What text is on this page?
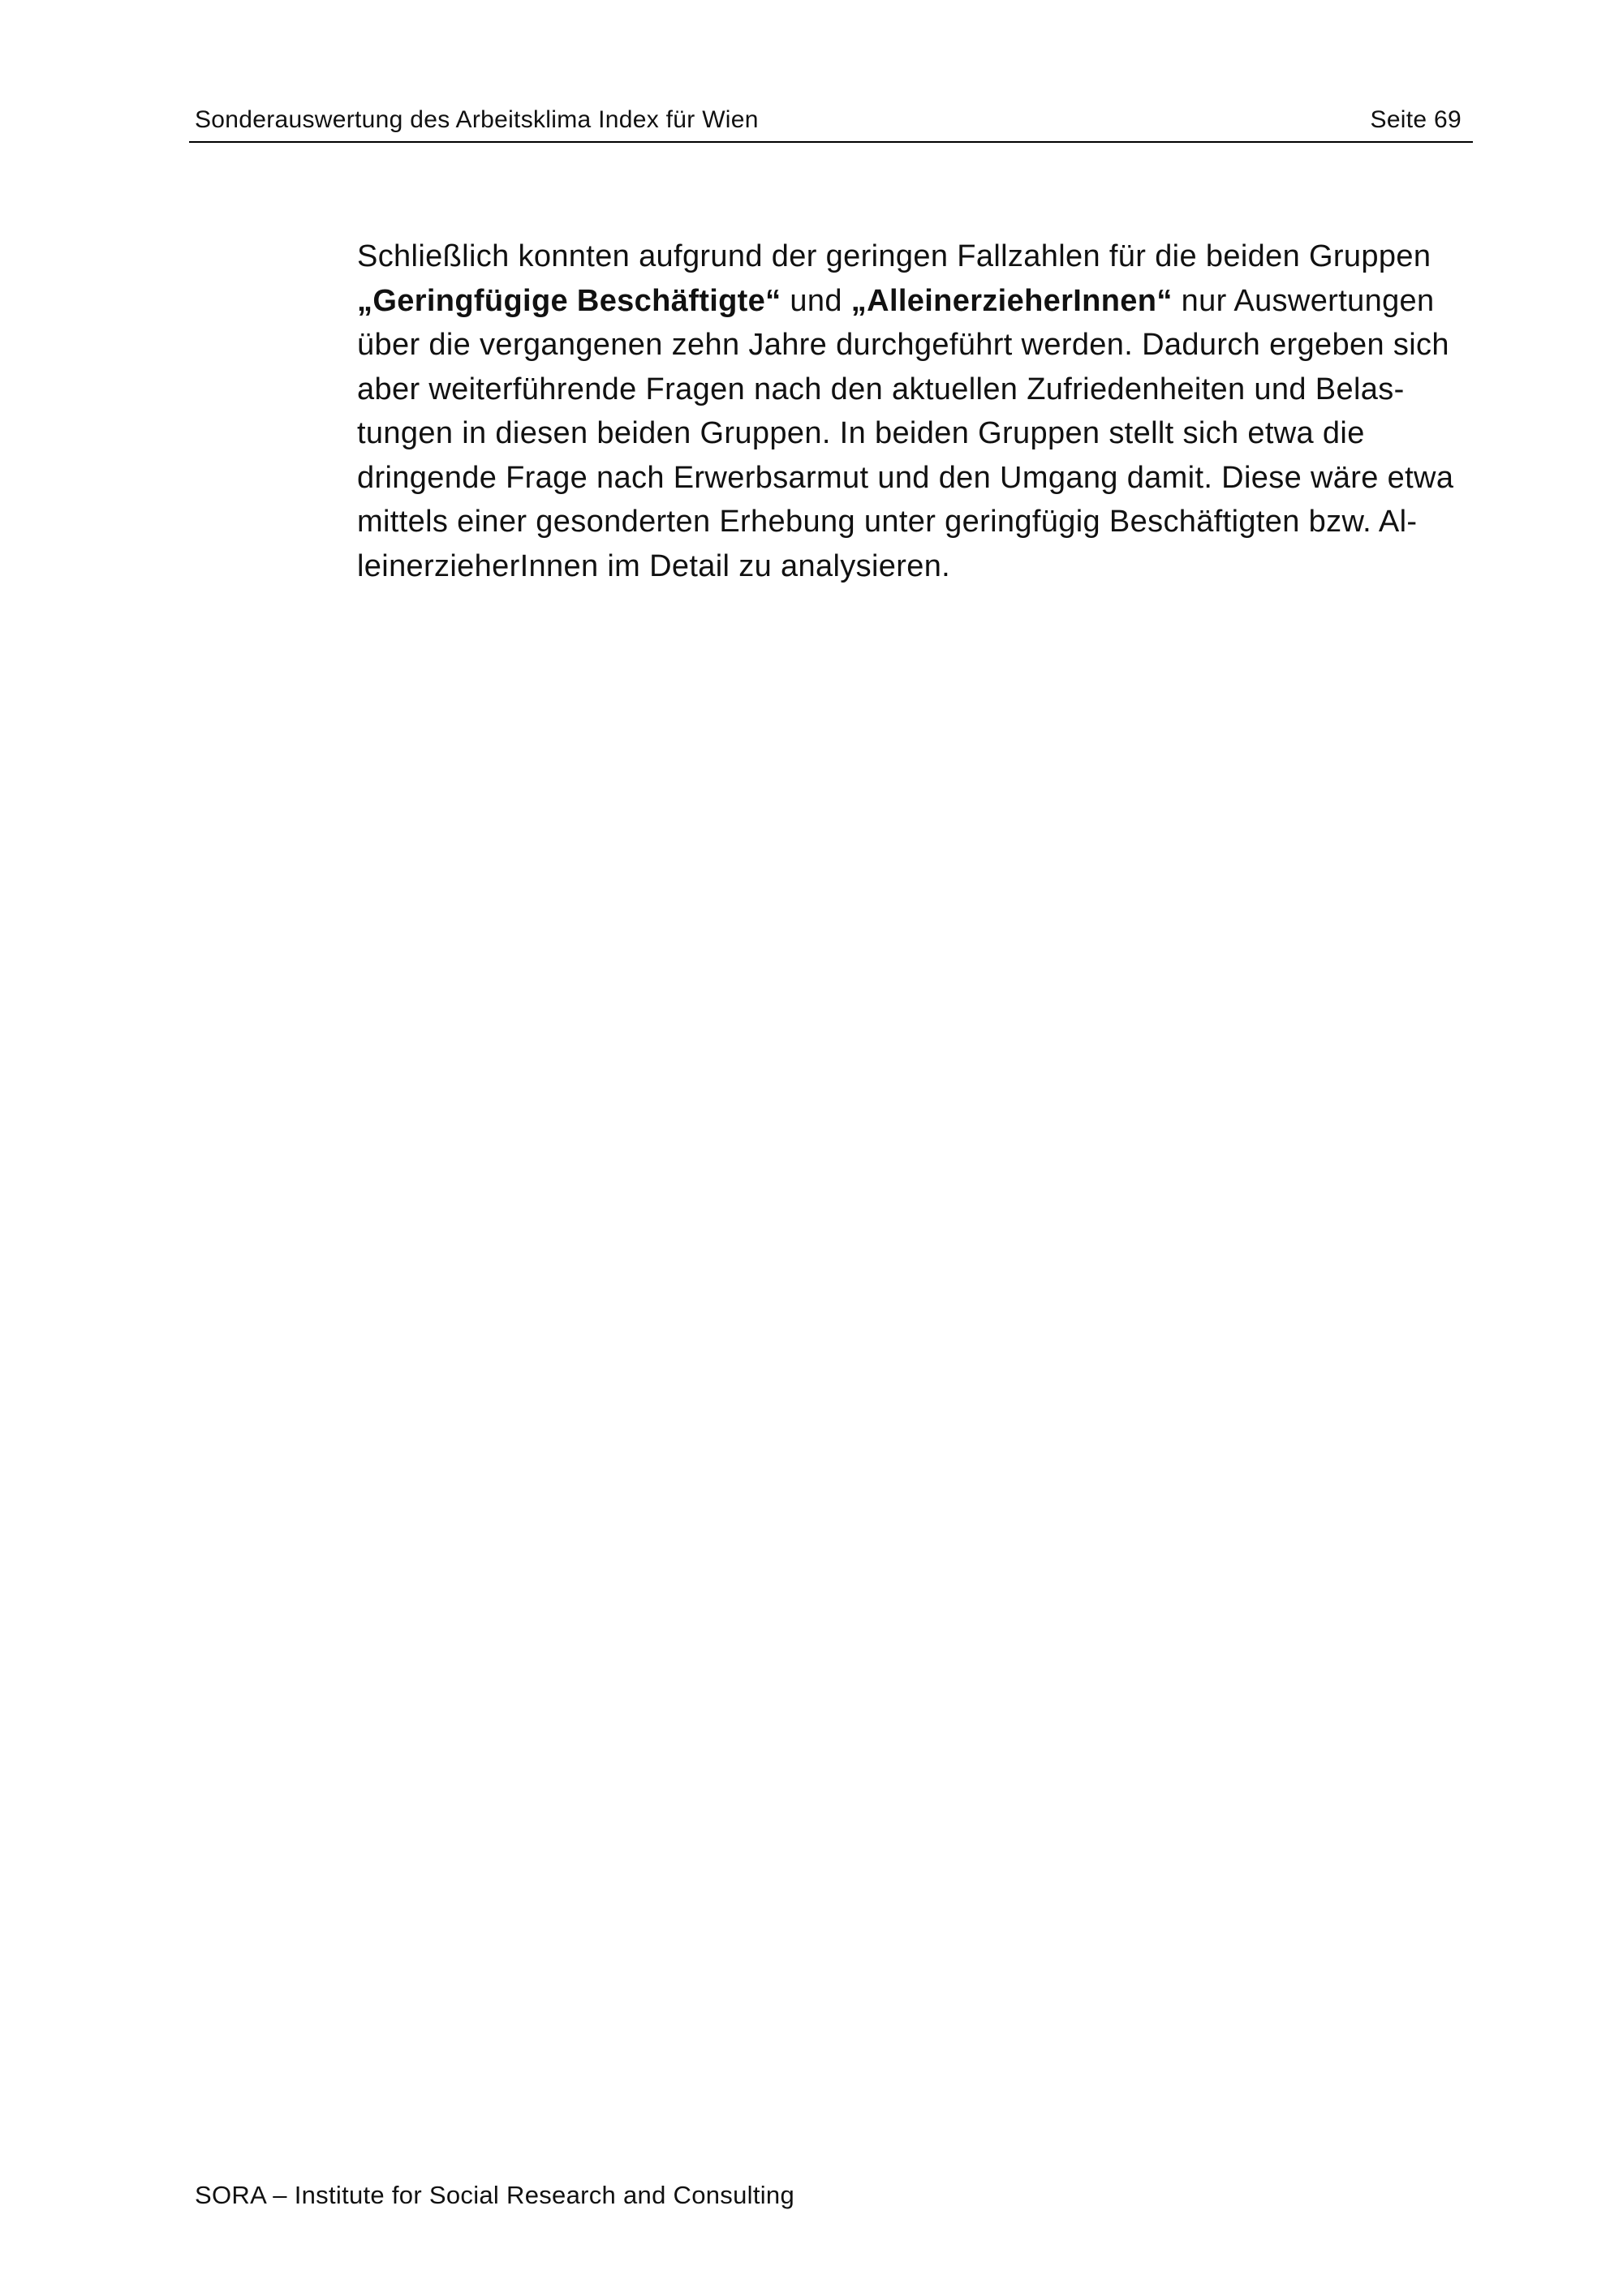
Sonderauswertung des Arbeitsklima Index für Wien	Seite 69
Schließlich konnten aufgrund der geringen Fallzahlen für die beiden Gruppen
„Geringfügige Beschäftigte“ und „AlleinerzieherInnen“ nur Auswertungen
über die vergangenen zehn Jahre durchgeführt werden. Dadurch ergeben sich
aber weiterführende Fragen nach den aktuellen Zufriedenheiten und Belas-
tungen in diesen beiden Gruppen. In beiden Gruppen stellt sich etwa die
dringende Frage nach Erwerbsarmut und den Umgang damit. Diese wäre etwa
mittels einer gesonderten Erhebung unter geringfügig Beschäftigten bzw. Al-
leinerzieherInnen im Detail zu analysieren.
SORA – Institute for Social Research and Consulting
